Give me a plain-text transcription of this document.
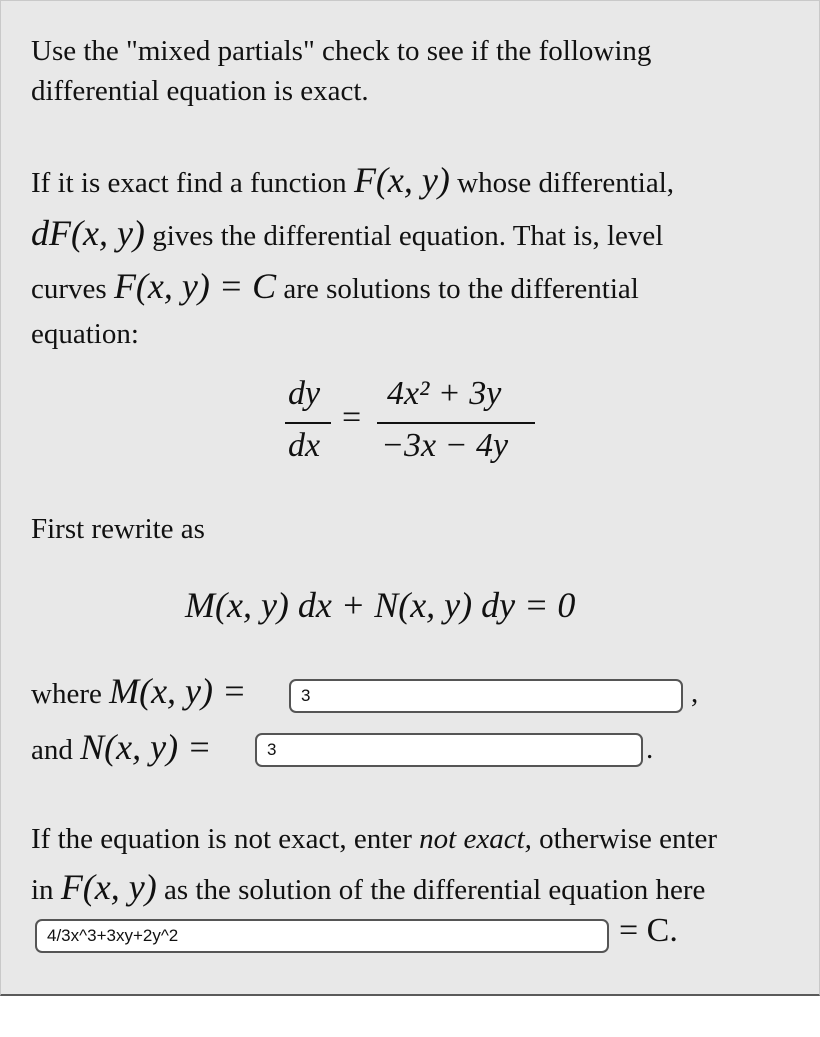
Use the "mixed partials" check to see if the following
differential equation is exact.
If it is exact find a function F(x, y) whose differential,
dF(x, y) gives the differential equation. That is, level
curves F(x, y) = C are solutions to the differential
equation:
dy
dx
=
4x² + 3y
−3x − 4y
First rewrite as
M(x, y) dx + N(x, y) dy = 0
where M(x, y) =
3	,
and N(x, y) =
3	.
If the equation is not exact, enter not exact, otherwise enter
in F(x, y) as the solution of the differential equation here
4/3x^3+3xy+2y^2
= C.
